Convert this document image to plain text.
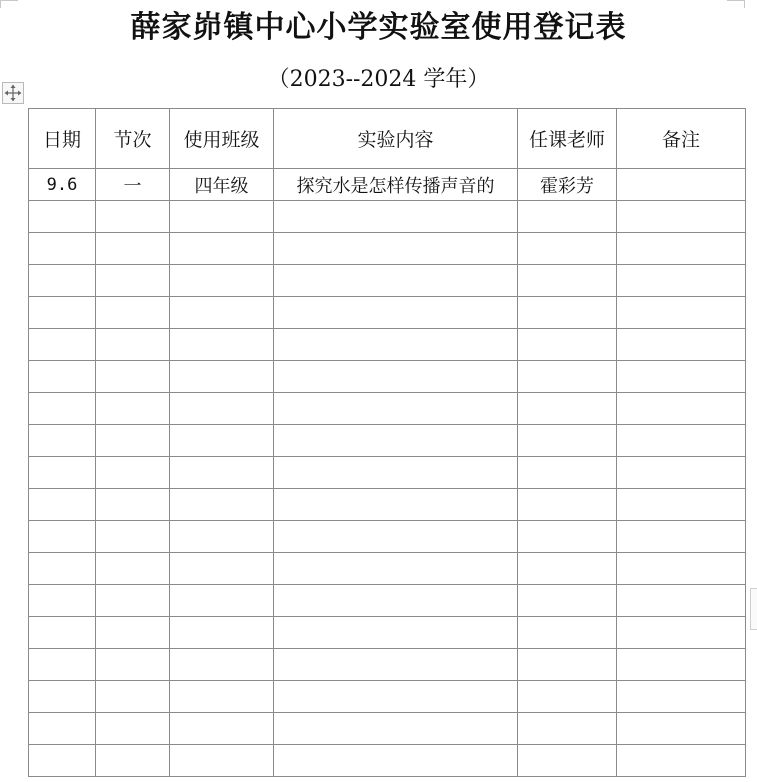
薛家峁镇中心小学实验室使用登记表
（2023--2024 学年）
日期	节次	使用班级	实验内容	任课老师	备注
9.6	一	四年级	探究水是怎样传播声音的	霍彩芳	
